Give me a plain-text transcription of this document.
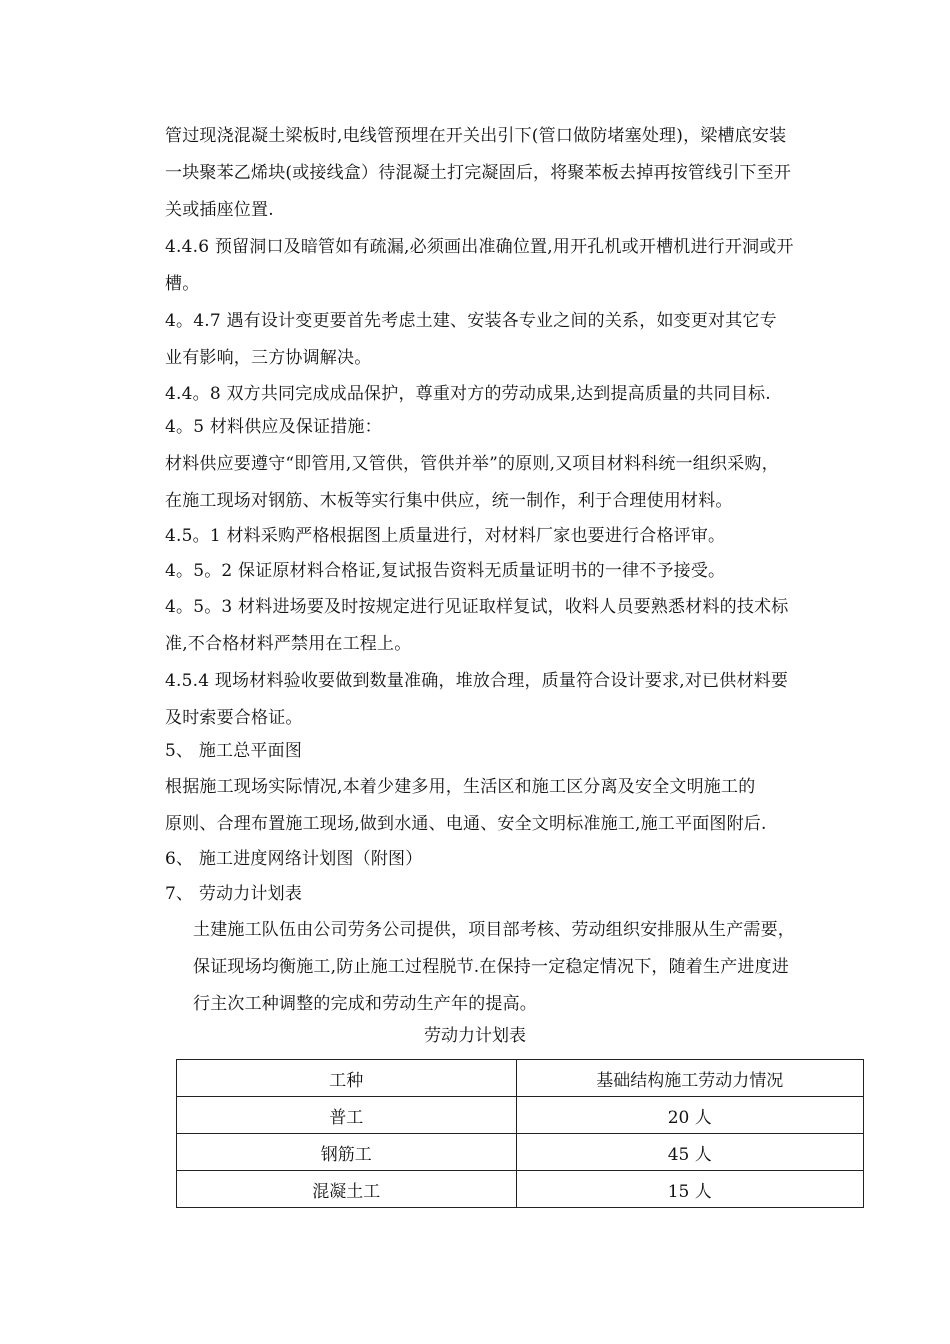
管过现浇混凝土梁板时,电线管预埋在开关出引下(管口做防堵塞处理)，梁槽底安装
一块聚苯乙烯块(或接线盒）待混凝土打完凝固后，将聚苯板去掉再按管线引下至开
关或插座位置.
4.4.6 预留洞口及暗管如有疏漏,必须画出准确位置,用开孔机或开槽机进行开洞或开
槽。
4。4.7 遇有设计变更要首先考虑土建、安装各专业之间的关系，如变更对其它专
业有影响，三方协调解决。
4.4。8 双方共同完成成品保护，尊重对方的劳动成果,达到提高质量的共同目标.
4。5 材料供应及保证措施：
材料供应要遵守“即管用,又管供，管供并举”的原则,又项目材料科统一组织采购，
在施工现场对钢筋、木板等实行集中供应，统一制作，利于合理使用材料。
4.5。1 材料采购严格根据图上质量进行，对材料厂家也要进行合格评审。
4。5。2 保证原材料合格证,复试报告资料无质量证明书的一律不予接受。
4。5。3 材料进场要及时按规定进行见证取样复试，收料人员要熟悉材料的技术标
准,不合格材料严禁用在工程上。
4.5.4 现场材料验收要做到数量准确，堆放合理，质量符合设计要求,对已供材料要
及时索要合格证。
5、 施工总平面图
根据施工现场实际情况,本着少建多用，生活区和施工区分离及安全文明施工的
原则、合理布置施工现场,做到水通、电通、安全文明标准施工,施工平面图附后.
6、 施工进度网络计划图（附图）
7、 劳动力计划表
土建施工队伍由公司劳务公司提供，项目部考核、劳动组织安排服从生产需要，
保证现场均衡施工,防止施工过程脱节.在保持一定稳定情况下，随着生产进度进
行主次工种调整的完成和劳动生产年的提高。
劳动力计划表
工种	基础结构施工劳动力情况
普工	20 人
钢筋工	45 人
混凝土工	15 人
